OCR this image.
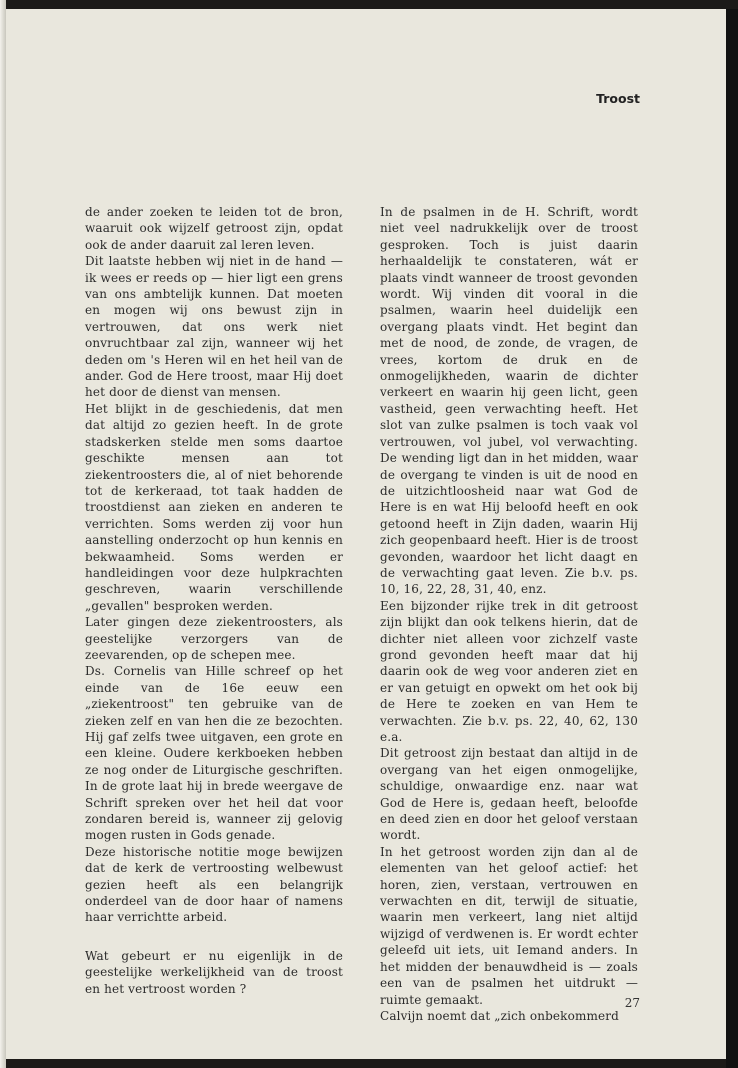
Troost

de ander zoeken te leiden tot de bron, waaruit ook wijzelf getroost zijn, opdat ook de ander daaruit zal leren leven.

Dit laatste hebben wij niet in de hand — ik wees er reeds op — hier ligt een grens van ons ambtelijk kunnen. Dat moeten en mogen wij ons bewust zijn in vertrouwen, dat ons werk niet onvruchtbaar zal zijn, wanneer wij het deden om 's Heren wil en het heil van de ander. God de Here troost, maar Hij doet het door de dienst van mensen.

Het blijkt in de geschiedenis, dat men dat altijd zo gezien heeft. In de grote stadskerken stelde men soms daartoe geschikte mensen aan tot ziekentroosters die, al of niet behorende tot de kerkeraad, tot taak hadden de troostdienst aan zieken en anderen te verrichten. Soms werden zij voor hun aanstelling onderzocht op hun kennis en bekwaamheid. Soms werden er handleidingen voor deze hulpkrachten geschreven, waarin verschillende „gevallen" besproken werden.

Later gingen deze ziekentroosters, als geestelijke verzorgers van de zeevarenden, op de schepen mee.

Ds. Cornelis van Hille schreef op het einde van de 16e eeuw een „ziekentroost" ten gebruike van de zieken zelf en van hen die ze bezochten. Hij gaf zelfs twee uitgaven, een grote en een kleine. Oudere kerkboeken hebben ze nog onder de Liturgische geschriften. In de grote laat hij in brede weergave de Schrift spreken over het heil dat voor zondaren bereid is, wanneer zij gelovig mogen rusten in Gods genade.

Deze historische notitie moge bewijzen dat de kerk de vertroosting welbewust gezien heeft als een belangrijk onderdeel van de door haar of namens haar verrichtte arbeid.

Wat gebeurt er nu eigenlijk in de geestelijke werkelijkheid van de troost en het vertroost worden ?

In de psalmen in de H. Schrift, wordt niet veel nadrukkelijk over de troost gesproken. Toch is juist daarin herhaaldelijk te constateren, wát er plaats vindt wanneer de troost gevonden wordt. Wij vinden dit vooral in die psalmen, waarin heel duidelijk een overgang plaats vindt. Het begint dan met de nood, de zonde, de vragen, de vrees, kortom de druk en de onmogelijkheden, waarin de dichter verkeert en waarin hij geen licht, geen vastheid, geen verwachting heeft. Het slot van zulke psalmen is toch vaak vol vertrouwen, vol jubel, vol verwachting. De wending ligt dan in het midden, waar de overgang te vinden is uit de nood en de uitzichtloosheid naar wat God de Here is en wat Hij beloofd heeft en ook getoond heeft in Zijn daden, waarin Hij zich geopenbaard heeft. Hier is de troost gevonden, waardoor het licht daagt en de verwachting gaat leven. Zie b.v. ps. 10, 16, 22, 28, 31, 40, enz.

Een bijzonder rijke trek in dit getroost zijn blijkt dan ook telkens hierin, dat de dichter niet alleen voor zichzelf vaste grond gevonden heeft maar dat hij daarin ook de weg voor anderen ziet en er van getuigt en opwekt om het ook bij de Here te zoeken en van Hem te verwachten. Zie b.v. ps. 22, 40, 62, 130 e.a.

Dit getroost zijn bestaat dan altijd in de overgang van het eigen onmogelijke, schuldige, onwaardige enz. naar wat God de Here is, gedaan heeft, beloofde en deed zien en door het geloof verstaan wordt.

In het getroost worden zijn dan al de elementen van het geloof actief: het horen, zien, verstaan, vertrouwen en verwachten en dit, terwijl de situatie, waarin men verkeert, lang niet altijd wijzigd of verdwenen is. Er wordt echter geleefd uit iets, uit Iemand anders. In het midden der benauwdheid is — zoals een van de psalmen het uitdrukt — ruimte gemaakt.

Calvijn noemt dat „zich onbekommerd

27
